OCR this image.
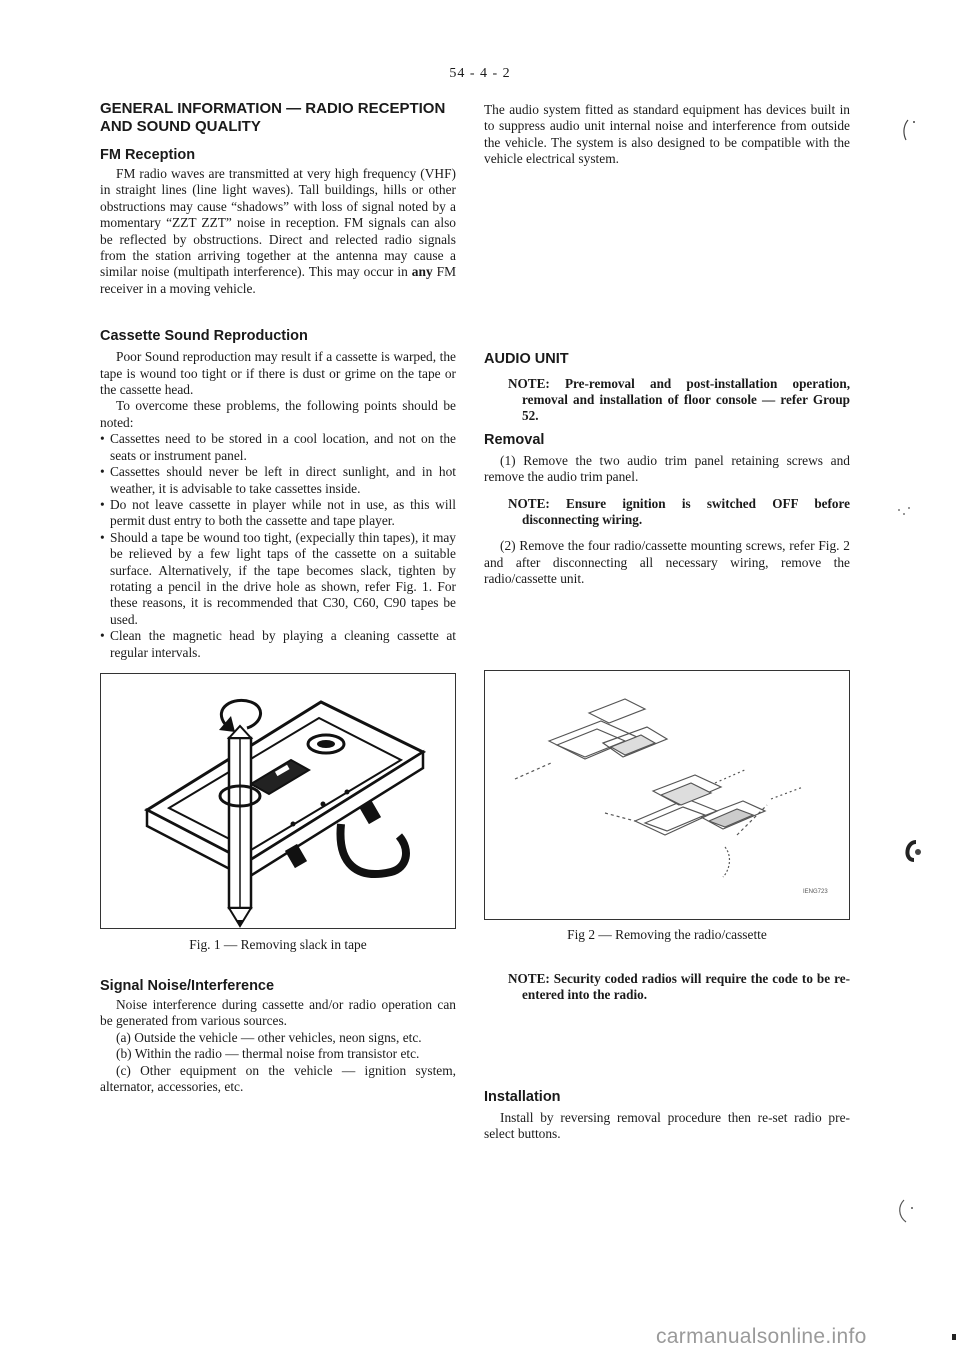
54 - 4 - 2
GENERAL INFORMATION — RADIO RECEPTION AND SOUND QUALITY
FM Reception

FM radio waves are transmitted at very high frequency (VHF) in straight lines (line light waves). Tall buildings, hills or other obstructions may cause “shadows” with loss of signal noted by a momentary “ZZT ZZT” noise in reception. FM signals can also be reflected by obstructions. Direct and relected radio signals from the station arriving together at the antenna may cause a similar noise (multipath interference). This may occur in any FM receiver in a moving vehicle.

Cassette Sound Reproduction

Poor Sound reproduction may result if a cassette is warped, the tape is wound too tight or if there is dust or grime on the tape or the cassette head.

To overcome these problems, the following points should be noted:

• Cassettes need to be stored in a cool location, and not on the seats or instrument panel.
• Cassettes should never be left in direct sunlight, and in hot weather, it is advisable to take cassettes inside.
• Do not leave cassette in player while not in use, as this will permit dust entry to both the cassette and tape player.
• Should a tape be wound too tight, (expecially thin tapes), it may be relieved by a few light taps of the cassette on a suitable surface. Alternatively, if the tape becomes slack, tighten by rotating a pencil in the drive hole as shown, refer Fig. 1. For these reasons, it is recommended that C30, C60, C90 tapes be used.
• Clean the magnetic head by playing a cleaning cassette at regular intervals.

Fig. 1 — Removing slack in tape

Signal Noise/Interference

Noise interference during cassette and/or radio operation can be generated from various sources.

(a) Outside the vehicle — other vehicles, neon signs, etc.

(b) Within the radio — thermal noise from transistor etc.

(c) Other equipment on the vehicle — ignition system, alternator, accessories, etc.

The audio system fitted as standard equipment has devices built in to suppress audio unit internal noise and interference from outside the vehicle. The system is also designed to be compatible with the vehicle electrical system.

AUDIO UNIT

NOTE: Pre-removal and post-installation operation, removal and installation of floor console — refer Group 52.

Removal

(1) Remove the two audio trim panel retaining screws and remove the audio trim panel.

NOTE: Ensure ignition is switched OFF before disconnecting wiring.

(2) Remove the four radio/cassette mounting screws, refer Fig. 2 and after disconnecting all necessary wiring, remove the radio/cassette unit.

IENG723

Fig 2 — Removing the radio/cassette

NOTE: Security coded radios will require the code to be re-entered into the radio.

Installation

Install by reversing removal procedure then re-set radio pre-select buttons.

carmanualsonline.info
